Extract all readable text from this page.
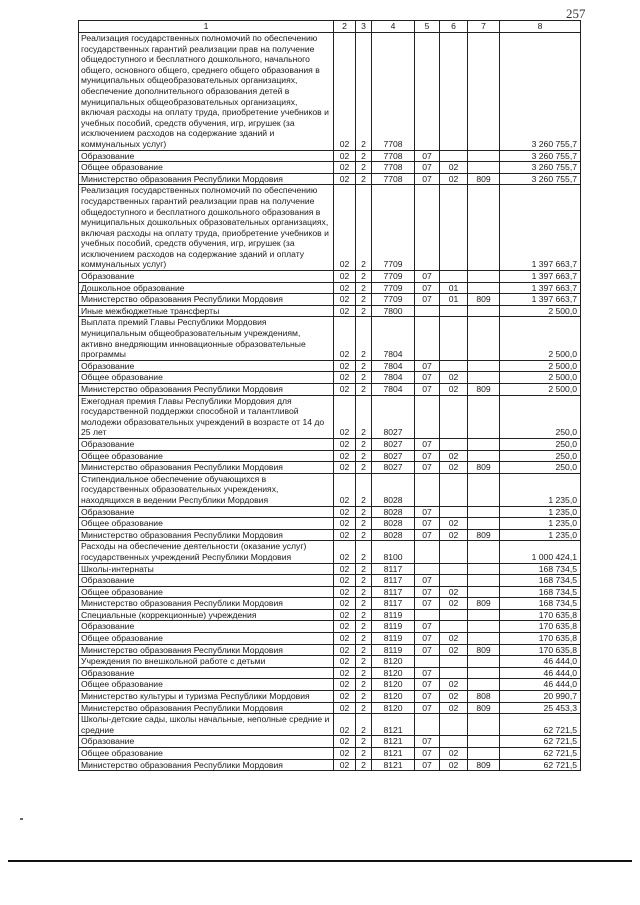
257
1	2	3	4	5	6	7	8
Реализация государственных полномочий по обеспечению государственных гарантий реализации прав на получение общедоступного и бесплатного дошкольного, начального общего, основного общего, среднего общего образования в муниципальных общеобразовательных организациях, обеспечение дополнительного образования детей в муниципальных общеобразовательных организациях, включая расходы на оплату труда, приобретение учебников и учебных пособий, средств обучения, игр, игрушек (за исключением расходов на содержание зданий и коммунальных услуг)	02	2	7708				3 260 755,7
Образование	02	2	7708	07			3 260 755,7
Общее образование	02	2	7708	07	02		3 260 755,7
Министерство образования Республики Мордовия	02	2	7708	07	02	809	3 260 755,7
Реализация государственных полномочий по обеспечению государственных гарантий реализации прав на получение общедоступного и бесплатного дошкольного образования в муниципальных дошкольных образовательных организациях, включая расходы на оплату труда, приобретение учебников и учебных пособий, средств обучения, игр, игрушек (за исключением расходов на содержание зданий и оплату коммунальных услуг)	02	2	7709				1 397 663,7
Образование	02	2	7709	07			1 397 663,7
Дошкольное образование	02	2	7709	07	01		1 397 663,7
Министерство образования Республики Мордовия	02	2	7709	07	01	809	1 397 663,7
Иные межбюджетные трансферты	02	2	7800				2 500,0
Выплата премий Главы Республики Мордовия муниципальным общеобразовательным учреждениям, активно внедряющим инновационные образовательные программы	02	2	7804				2 500,0
Образование	02	2	7804	07			2 500,0
Общее образование	02	2	7804	07	02		2 500,0
Министерство образования Республики Мордовия	02	2	7804	07	02	809	2 500,0
Ежегодная премия Главы Республики Мордовия для государственной поддержки способной и талантливой молодежи образовательных учреждений в возрасте от 14 до 25 лет	02	2	8027				250,0
Образование	02	2	8027	07			250,0
Общее образование	02	2	8027	07	02		250,0
Министерство образования Республики Мордовия	02	2	8027	07	02	809	250,0
Стипендиальное обеспечение обучающихся в государственных образовательных учреждениях, находящихся в ведении Республики Мордовия	02	2	8028				1 235,0
Образование	02	2	8028	07			1 235,0
Общее образование	02	2	8028	07	02		1 235,0
Министерство образования Республики Мордовия	02	2	8028	07	02	809	1 235,0
Расходы на обеспечение деятельности (оказание услуг) государственных учреждений Республики Мордовия	02	2	8100				1 000 424,1
Школы-интернаты	02	2	8117				168 734,5
Образование	02	2	8117	07			168 734,5
Общее образование	02	2	8117	07	02		168 734,5
Министерство образования Республики Мордовия	02	2	8117	07	02	809	168 734,5
Специальные (коррекционные) учреждения	02	2	8119				170 635,8
Образование	02	2	8119	07			170 635,8
Общее образование	02	2	8119	07	02		170 635,8
Министерство образования Республики Мордовия	02	2	8119	07	02	809	170 635,8
Учреждения по внешкольной работе с детьми	02	2	8120				46 444,0
Образование	02	2	8120	07			46 444,0
Общее образование	02	2	8120	07	02		46 444,0
Министерство культуры и туризма Республики Мордовия	02	2	8120	07	02	808	20 990,7
Министерство образования Республики Мордовия	02	2	8120	07	02	809	25 453,3
Школы-детские сады, школы начальные, неполные средние и средние	02	2	8121				62 721,5
Образование	02	2	8121	07			62 721,5
Общее образование	02	2	8121	07	02		62 721,5
Министерство образования Республики Мордовия	02	2	8121	07	02	809	62 721,5
